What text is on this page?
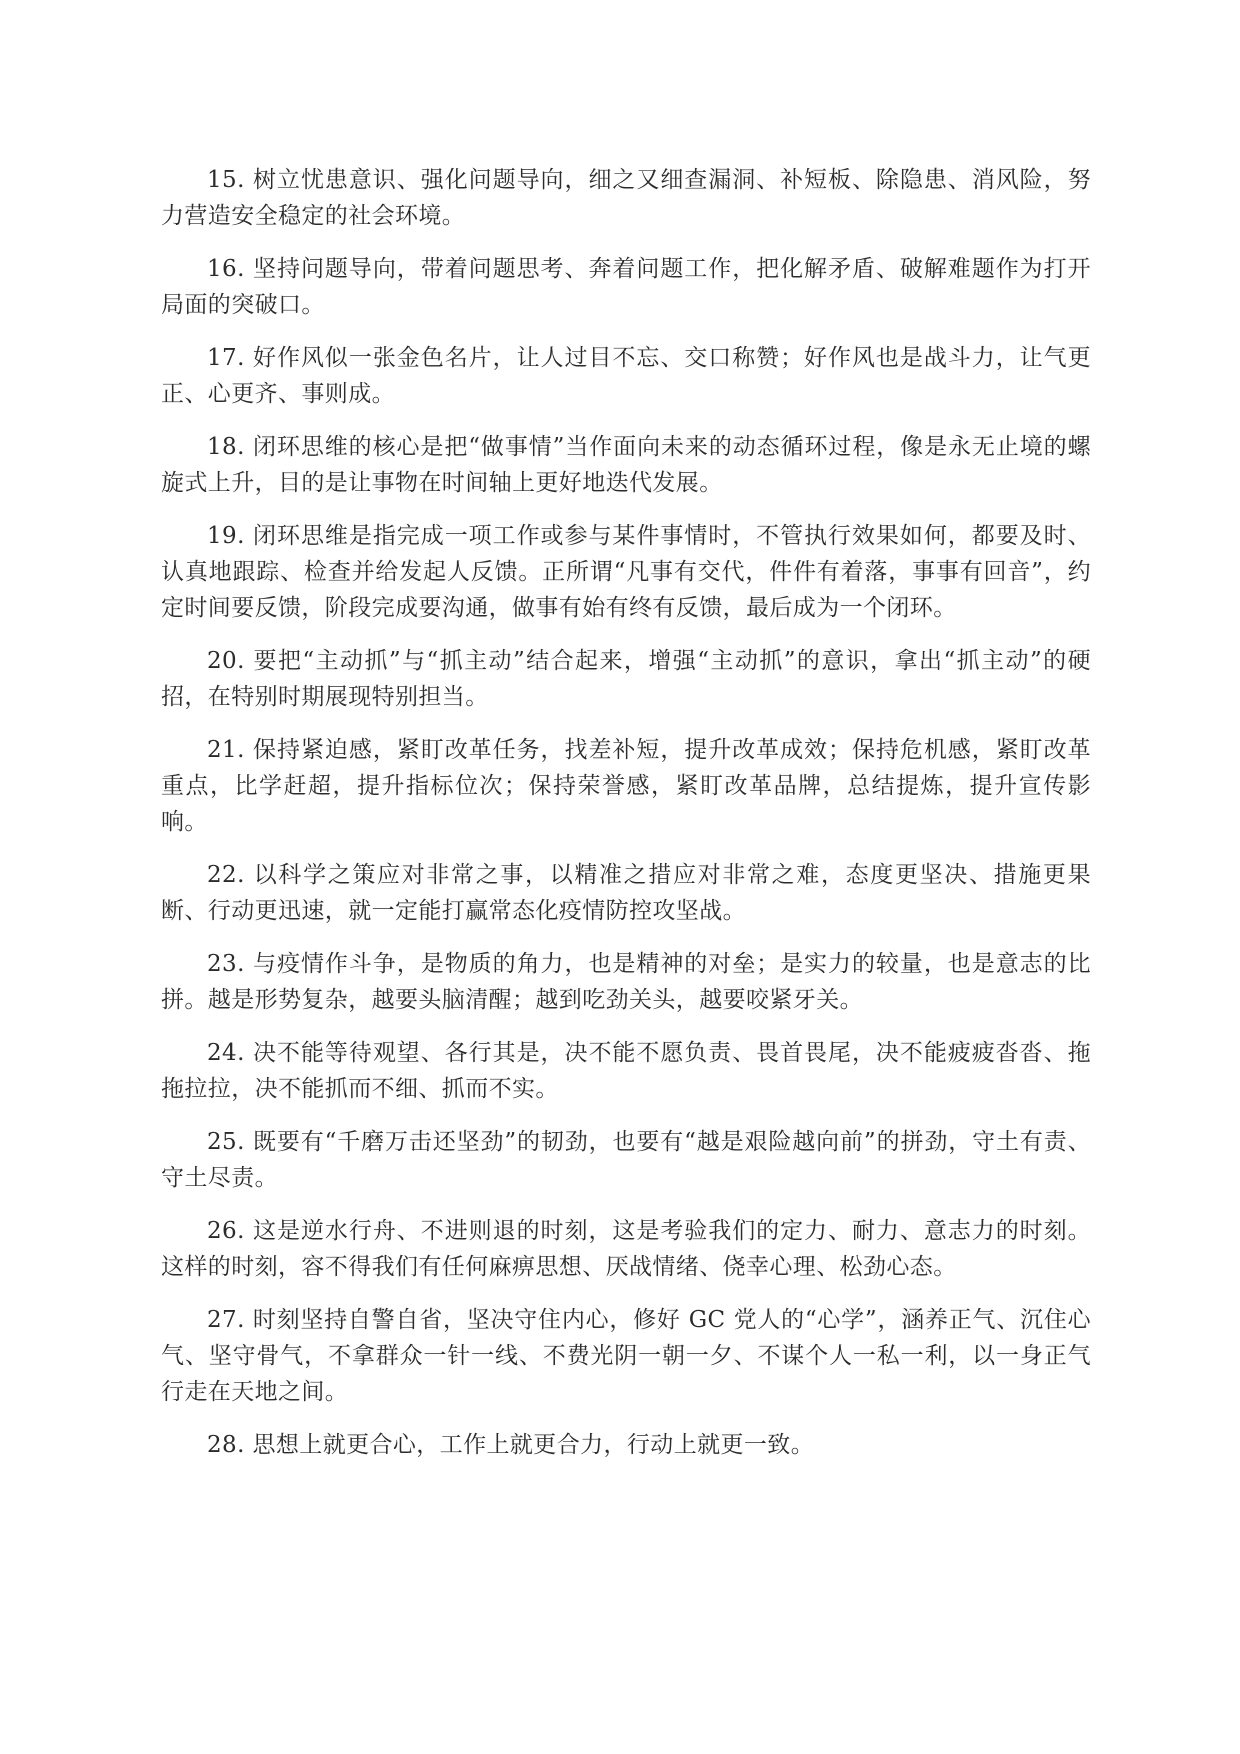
15. 树立忧患意识、强化问题导向，细之又细查漏洞、补短板、除隐患、消风险，努力营造安全稳定的社会环境。

16. 坚持问题导向，带着问题思考、奔着问题工作，把化解矛盾、破解难题作为打开局面的突破口。

17. 好作风似一张金色名片，让人过目不忘、交口称赞；好作风也是战斗力，让气更正、心更齐、事则成。

18. 闭环思维的核心是把“做事情”当作面向未来的动态循环过程，像是永无止境的螺旋式上升，目的是让事物在时间轴上更好地迭代发展。

19. 闭环思维是指完成一项工作或参与某件事情时，不管执行效果如何，都要及时、认真地跟踪、检查并给发起人反馈。正所谓“凡事有交代，件件有着落，事事有回音”，约定时间要反馈，阶段完成要沟通，做事有始有终有反馈，最后成为一个闭环。

20. 要把“主动抓”与“抓主动”结合起来，增强“主动抓”的意识，拿出“抓主动”的硬招，在特别时期展现特别担当。

21. 保持紧迫感，紧盯改革任务，找差补短，提升改革成效；保持危机感，紧盯改革重点，比学赶超，提升指标位次；保持荣誉感，紧盯改革品牌，总结提炼，提升宣传影响。

22. 以科学之策应对非常之事，以精准之措应对非常之难，态度更坚决、措施更果断、行动更迅速，就一定能打赢常态化疫情防控攻坚战。

23. 与疫情作斗争，是物质的角力，也是精神的对垒；是实力的较量，也是意志的比拼。越是形势复杂，越要头脑清醒；越到吃劲关头，越要咬紧牙关。

24. 决不能等待观望、各行其是，决不能不愿负责、畏首畏尾，决不能疲疲沓沓、拖拖拉拉，决不能抓而不细、抓而不实。

25. 既要有“千磨万击还坚劲”的韧劲，也要有“越是艰险越向前”的拼劲，守土有责、守土尽责。

26. 这是逆水行舟、不进则退的时刻，这是考验我们的定力、耐力、意志力的时刻。这样的时刻，容不得我们有任何麻痹思想、厌战情绪、侥幸心理、松劲心态。

27. 时刻坚持自警自省，坚决守住内心，修好 GC 党人的“心学”，涵养正气、沉住心气、坚守骨气，不拿群众一针一线、不费光阴一朝一夕、不谋个人一私一利，以一身正气行走在天地之间。

28. 思想上就更合心，工作上就更合力，行动上就更一致。
